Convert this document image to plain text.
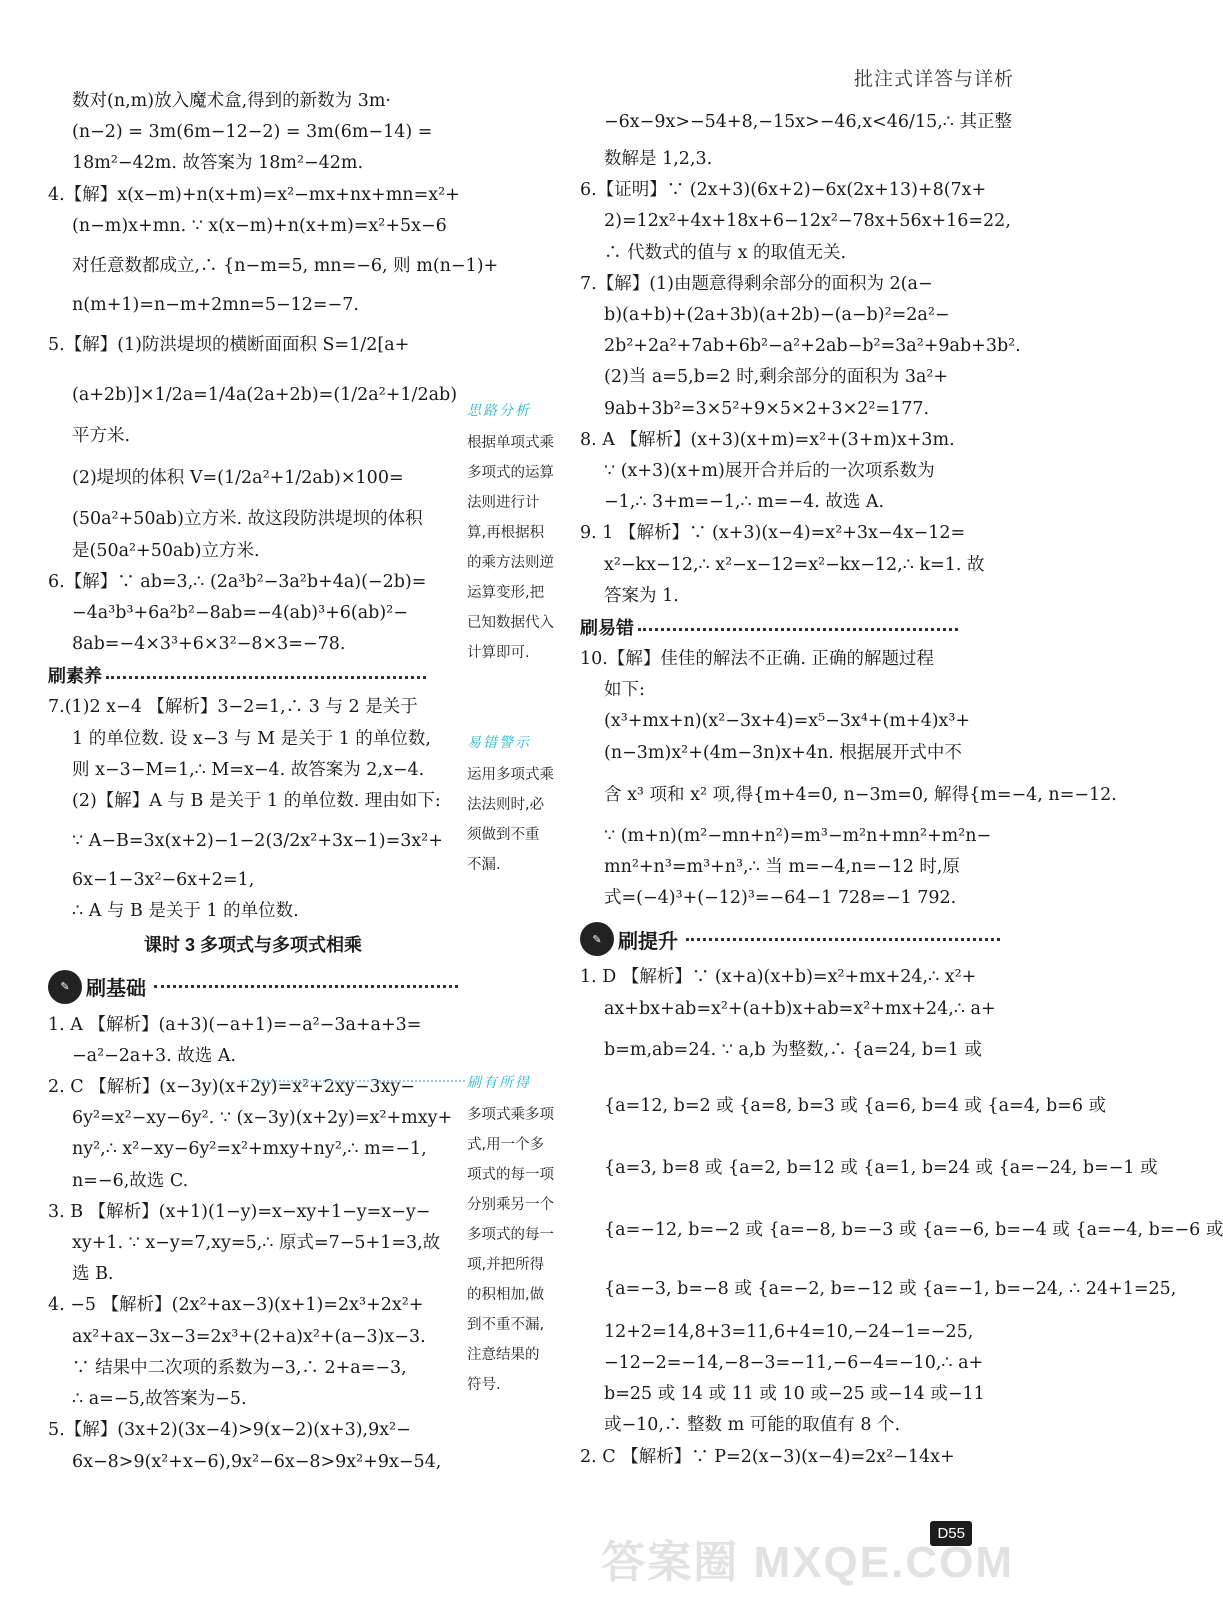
批注式详答与详析
数对(n,m)放入魔术盒,得到的新数为 3m·
(n−2) = 3m(6m−12−2) = 3m(6m−14) =
18m²−42m. 故答案为 18m²−42m.
4.【解】x(x−m)+n(x+m)=x²−mx+nx+mn=x²+
(n−m)x+mn. ∵ x(x−m)+n(x+m)=x²+5x−6
对任意数都成立,∴ {n−m=5, mn=−6, 则 m(n−1)+
n(m+1)=n−m+2mn=5−12=−7.
5.【解】(1)防洪堤坝的横断面面积 S=1/2[a+
(a+2b)]×1/2a=1/4a(2a+2b)=(1/2a²+1/2ab)
平方米.
(2)堤坝的体积 V=(1/2a²+1/2ab)×100=
(50a²+50ab)立方米. 故这段防洪堤坝的体积
是(50a²+50ab)立方米.
6.【解】∵ ab=3,∴ (2a³b²−3a²b+4a)(−2b)=
−4a³b³+6a²b²−8ab=−4(ab)³+6(ab)²−
8ab=−4×3³+6×3²−8×3=−78.
刷素养
7.(1)2 x−4 【解析】3−2=1,∴ 3 与 2 是关于
1 的单位数. 设 x−3 与 M 是关于 1 的单位数,
则 x−3−M=1,∴ M=x−4. 故答案为 2,x−4.
(2)【解】A 与 B 是关于 1 的单位数. 理由如下:
∵ A−B=3x(x+2)−1−2(3/2x²+3x−1)=3x²+
6x−1−3x²−6x+2=1,
∴ A 与 B 是关于 1 的单位数.
课时 3 多项式与多项式相乘
✎ 刷基础
1. A 【解析】(a+3)(−a+1)=−a²−3a+a+3=
−a²−2a+3. 故选 A.
2. C 【解析】(x−3y)(x+2y)=x²+2xy−3xy−
6y²=x²−xy−6y². ∵ (x−3y)(x+2y)=x²+mxy+
ny²,∴ x²−xy−6y²=x²+mxy+ny²,∴ m=−1,
n=−6,故选 C.
3. B 【解析】(x+1)(1−y)=x−xy+1−y=x−y−
xy+1. ∵ x−y=7,xy=5,∴ 原式=7−5+1=3,故
选 B.
4. −5 【解析】(2x²+ax−3)(x+1)=2x³+2x²+
ax²+ax−3x−3=2x³+(2+a)x²+(a−3)x−3.
∵ 结果中二次项的系数为−3,∴ 2+a=−3,
∴ a=−5,故答案为−5.
5.【解】(3x+2)(3x−4)>9(x−2)(x+3),9x²−
6x−8>9(x²+x−6),9x²−6x−8>9x²+9x−54,
思路分析
根据单项式乘
多项式的运算
法则进行计
算,再根据积
的乘方法则逆
运算变形,把
已知数据代入
计算即可.
易错警示
运用多项式乘
法法则时,必
须做到不重
不漏.
刷有所得
多项式乘多项
式,用一个多
项式的每一项
分别乘另一个
多项式的每一
项,并把所得
的积相加,做
到不重不漏,
注意结果的
符号.
−6x−9x>−54+8,−15x>−46,x<46/15,∴ 其正整
数解是 1,2,3.
6.【证明】∵ (2x+3)(6x+2)−6x(2x+13)+8(7x+
2)=12x²+4x+18x+6−12x²−78x+56x+16=22,
∴ 代数式的值与 x 的取值无关.
7.【解】(1)由题意得剩余部分的面积为 2(a−
b)(a+b)+(2a+3b)(a+2b)−(a−b)²=2a²−
2b²+2a²+7ab+6b²−a²+2ab−b²=3a²+9ab+3b².
(2)当 a=5,b=2 时,剩余部分的面积为 3a²+
9ab+3b²=3×5²+9×5×2+3×2²=177.
8. A 【解析】(x+3)(x+m)=x²+(3+m)x+3m.
∵ (x+3)(x+m)展开合并后的一次项系数为
−1,∴ 3+m=−1,∴ m=−4. 故选 A.
9. 1 【解析】∵ (x+3)(x−4)=x²+3x−4x−12=
x²−kx−12,∴ x²−x−12=x²−kx−12,∴ k=1. 故
答案为 1.
刷易错
10.【解】佳佳的解法不正确. 正确的解题过程
如下:
(x³+mx+n)(x²−3x+4)=x⁵−3x⁴+(m+4)x³+
(n−3m)x²+(4m−3n)x+4n. 根据展开式中不
含 x³ 项和 x² 项,得{m+4=0, n−3m=0, 解得{m=−4, n=−12.
∵ (m+n)(m²−mn+n²)=m³−m²n+mn²+m²n−
mn²+n³=m³+n³,∴ 当 m=−4,n=−12 时,原
式=(−4)³+(−12)³=−64−1 728=−1 792.
✎ 刷提升
1. D 【解析】∵ (x+a)(x+b)=x²+mx+24,∴ x²+
ax+bx+ab=x²+(a+b)x+ab=x²+mx+24,∴ a+
b=m,ab=24. ∵ a,b 为整数,∴ {a=24, b=1 或
{a=12, b=2 或 {a=8, b=3 或 {a=6, b=4 或 {a=4, b=6 或
{a=3, b=8 或 {a=2, b=12 或 {a=1, b=24 或 {a=−24, b=−1 或
{a=−12, b=−2 或 {a=−8, b=−3 或 {a=−6, b=−4 或 {a=−4, b=−6 或
{a=−3, b=−8 或 {a=−2, b=−12 或 {a=−1, b=−24, ∴ 24+1=25,
12+2=14,8+3=11,6+4=10,−24−1=−25,
−12−2=−14,−8−3=−11,−6−4=−10,∴ a+
b=25 或 14 或 11 或 10 或−25 或−14 或−11
或−10,∴ 整数 m 可能的取值有 8 个.
2. C 【解析】∵ P=2(x−3)(x−4)=2x²−14x+
D55
答案圈 MXQE.COM
